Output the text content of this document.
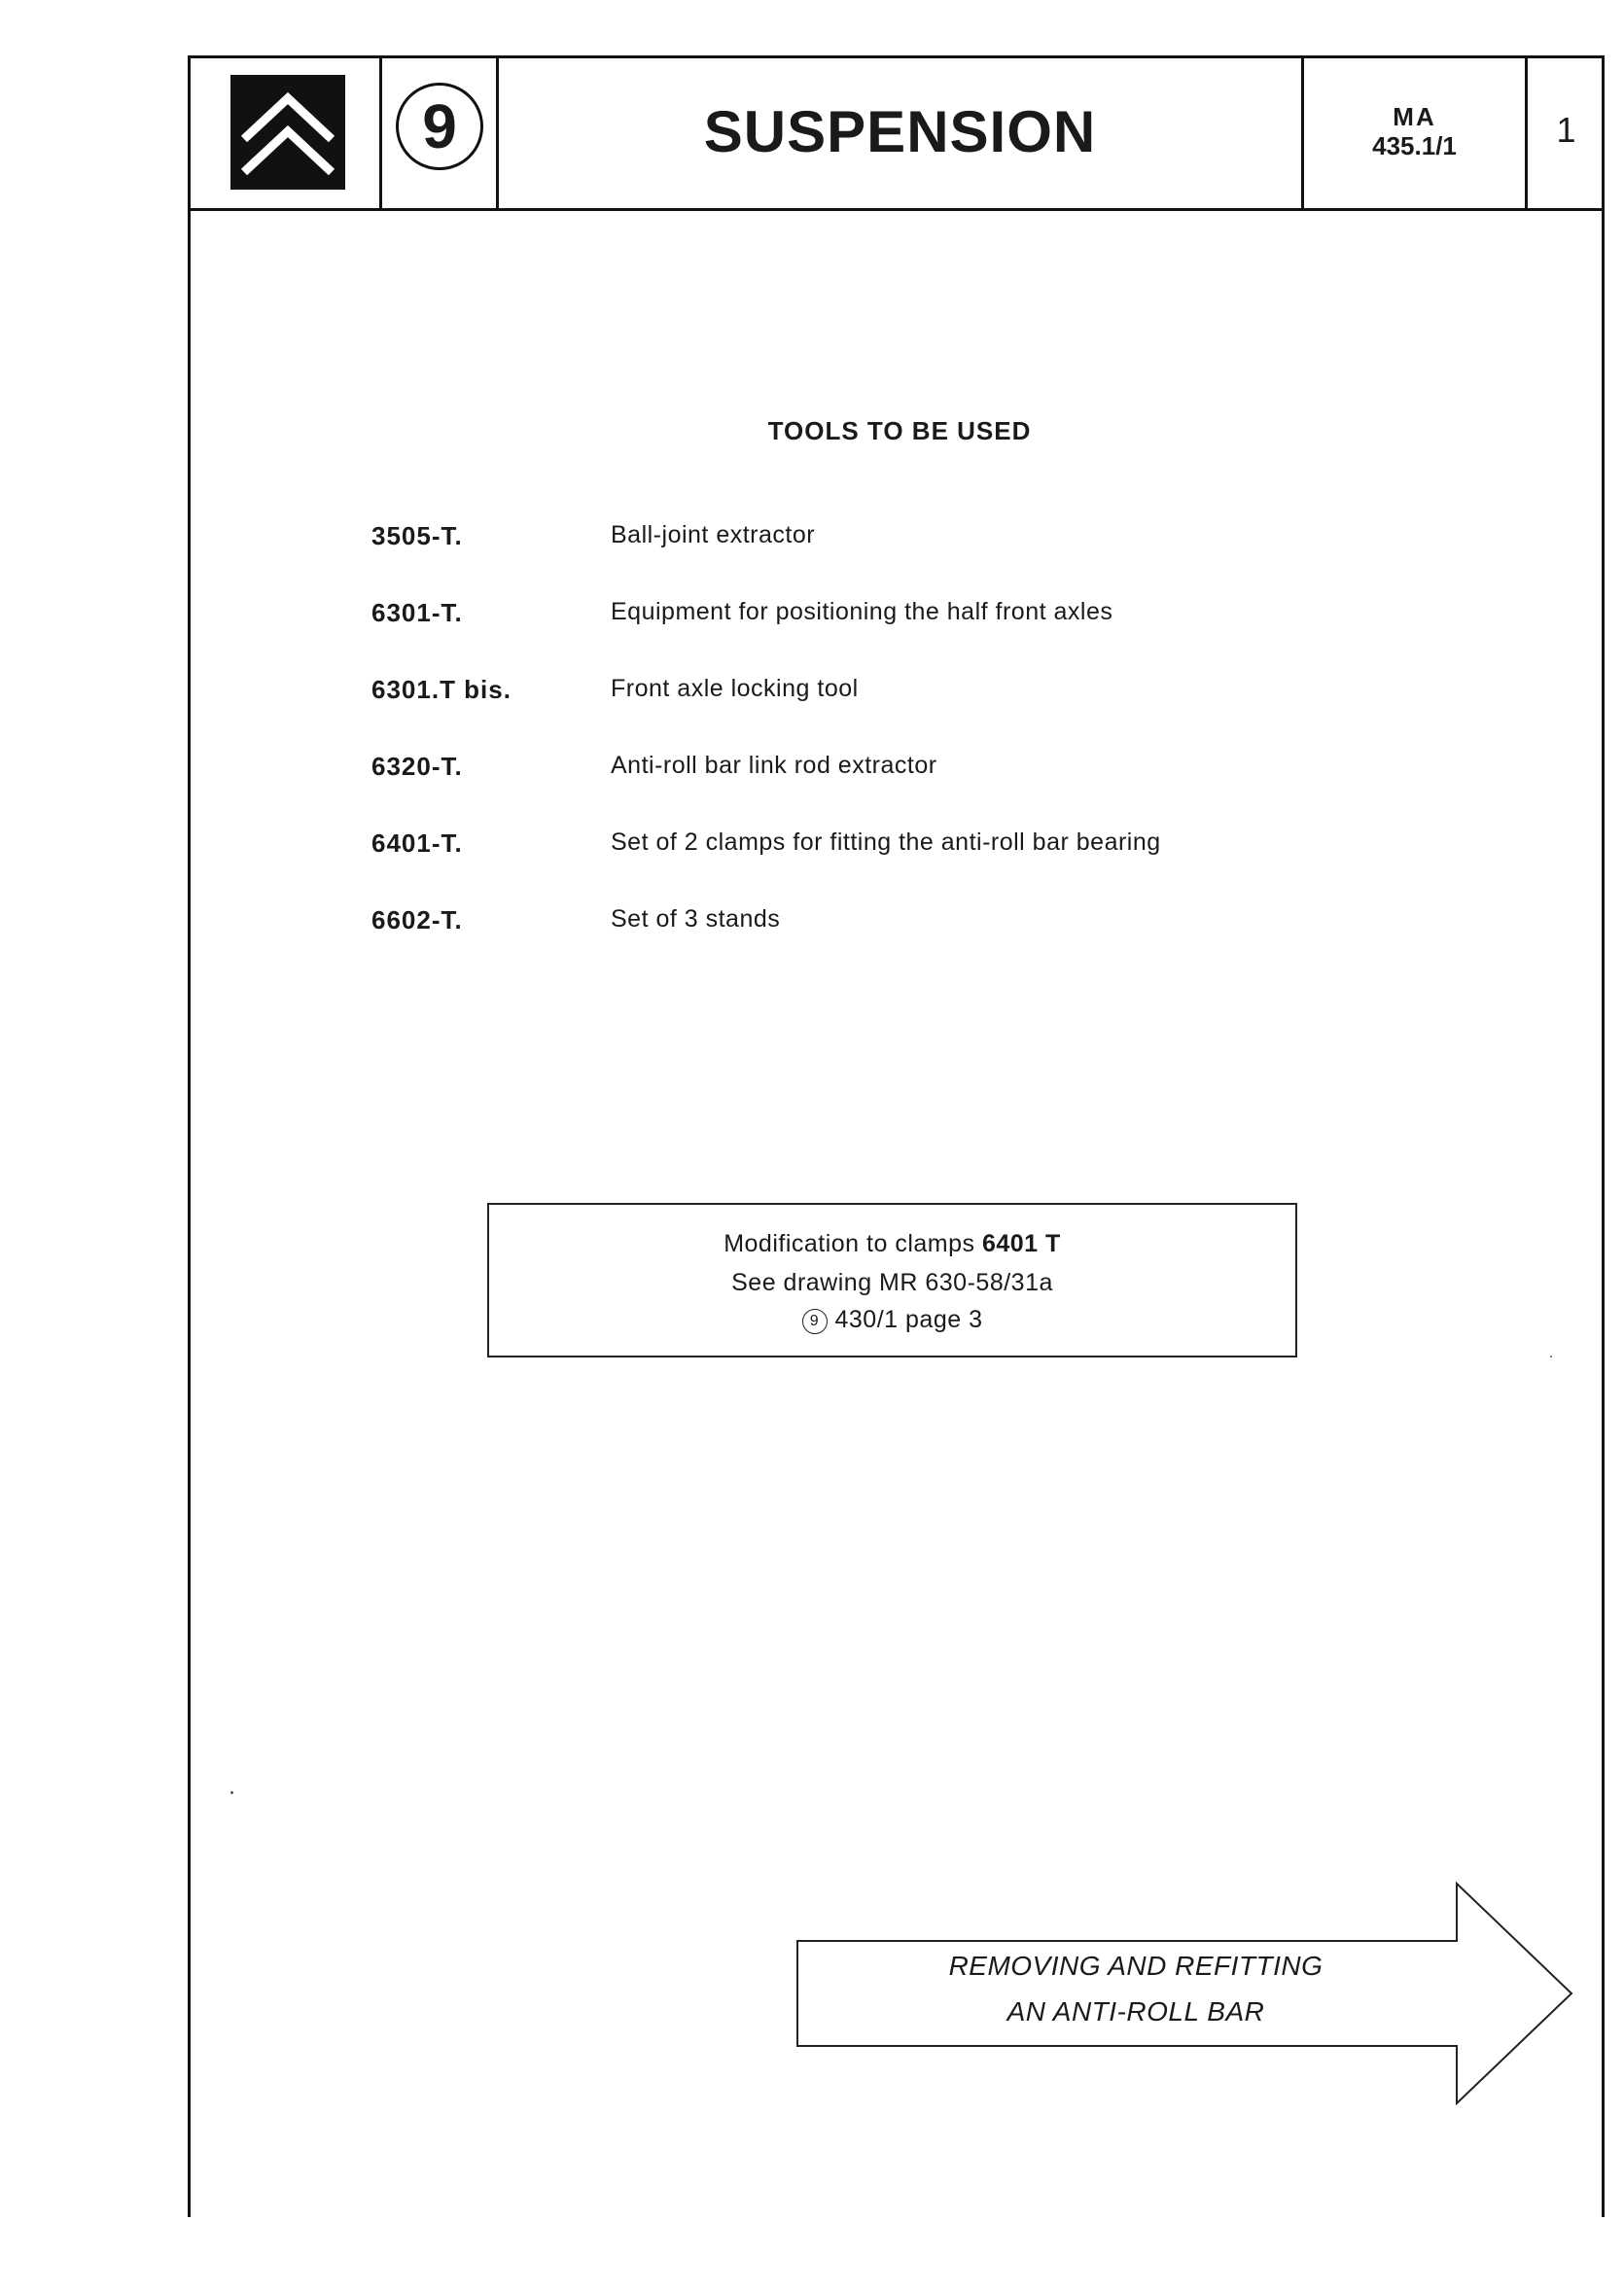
9	SUSPENSION	MA
435.1/1	1
TOOLS TO BE USED
3505-T.	Ball-joint extractor
6301-T.	Equipment for positioning the half front axles
6301.T bis.	Front axle locking tool
6320-T.	Anti-roll bar link rod extractor
6401-T.	Set of 2 clamps for fitting the anti-roll bar bearing
6602-T.	Set of 3 stands
Modification to clamps 6401 T
See drawing MR 630-58/31a
9 430/1 page 3
REMOVING AND REFITTING
AN ANTI-ROLL BAR
